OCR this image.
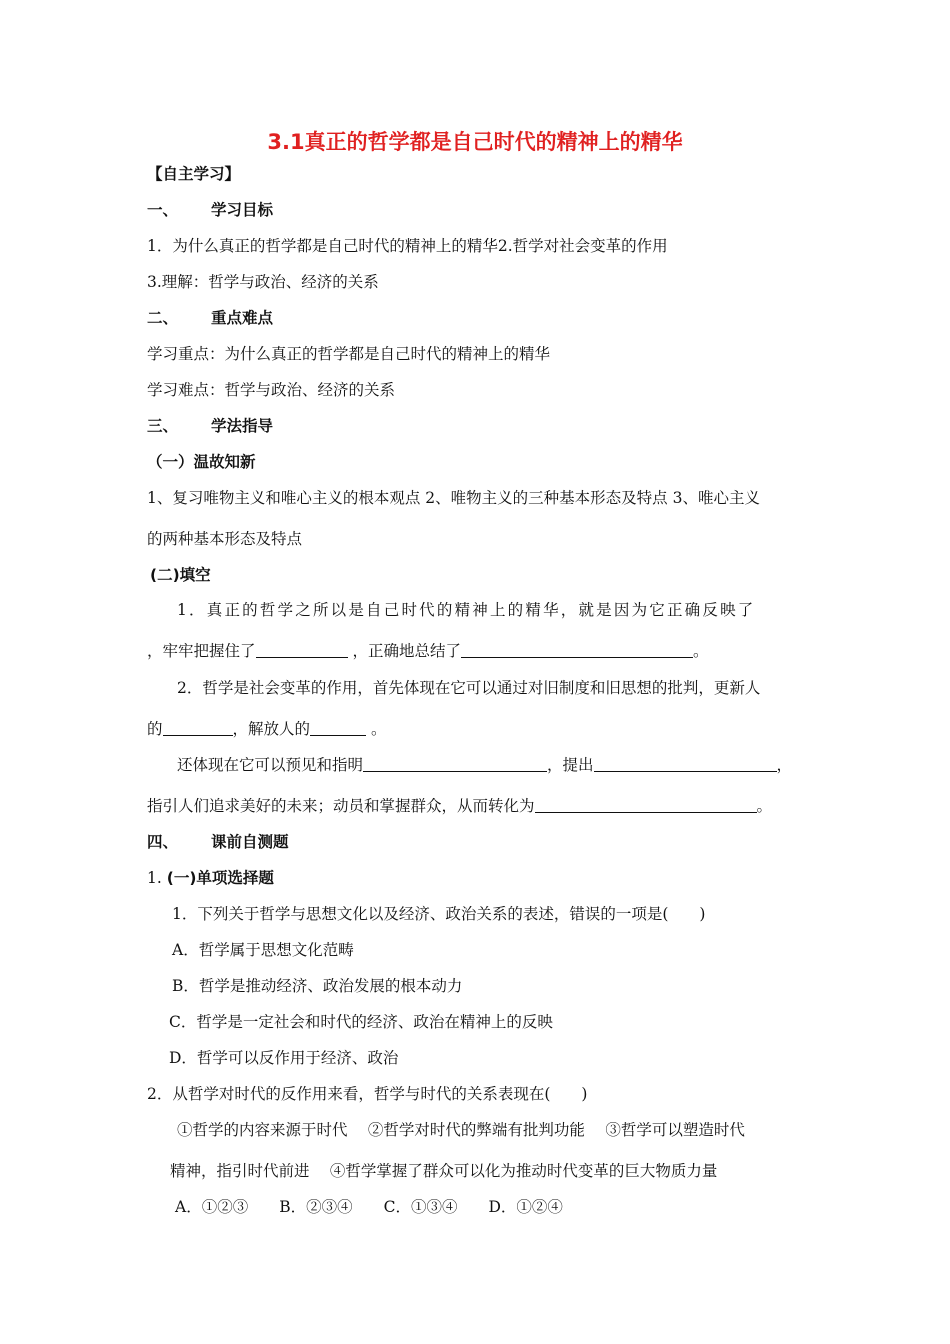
3.1真正的哲学都是自己时代的精神上的精华
【自主学习】
一、 学习目标
1．为什么真正的哲学都是自己时代的精神上的精华2.哲学对社会变革的作用
3.理解：哲学与政治、经济的关系
二、 重点难点
学习重点：为什么真正的哲学都是自己时代的精神上的精华
学习难点：哲学与政治、经济的关系
三、 学法指导
（一）温故知新
1、复习唯物主义和唯心主义的根本观点 2、唯物主义的三种基本形态及特点 3、唯心主义
的两种基本形态及特点
(二)填空
1．真正的哲学之所以是自己时代的精神上的精华，就是因为它正确反映了
，牢牢把握住了	，正确地总结了	。
2．哲学是社会变革的作用，首先体现在它可以通过对旧制度和旧思想的批判，更新人
的	，解放人的	。
还体现在它可以预见和指明	，提出	，
指引人们追求美好的未来；动员和掌握群众，从而转化为	。
四、 课前自测题
1. (一)单项选择题
1．下列关于哲学与思想文化以及经济、政治关系的表述，错误的一项是(　　)
A．哲学属于思想文化范畴
B．哲学是推动经济、政治发展的根本动力
C．哲学是一定社会和时代的经济、政治在精神上的反映
D．哲学可以反作用于经济、政治
2．从哲学对时代的反作用来看，哲学与时代的关系表现在(　　)
①哲学的内容来源于时代　 ②哲学对时代的弊端有批判功能　 ③哲学可以塑造时代
精神，指引时代前进　 ④哲学掌握了群众可以化为推动时代变革的巨大物质力量
A．①②③　　B．②③④　　C．①③④　　D．①②④
